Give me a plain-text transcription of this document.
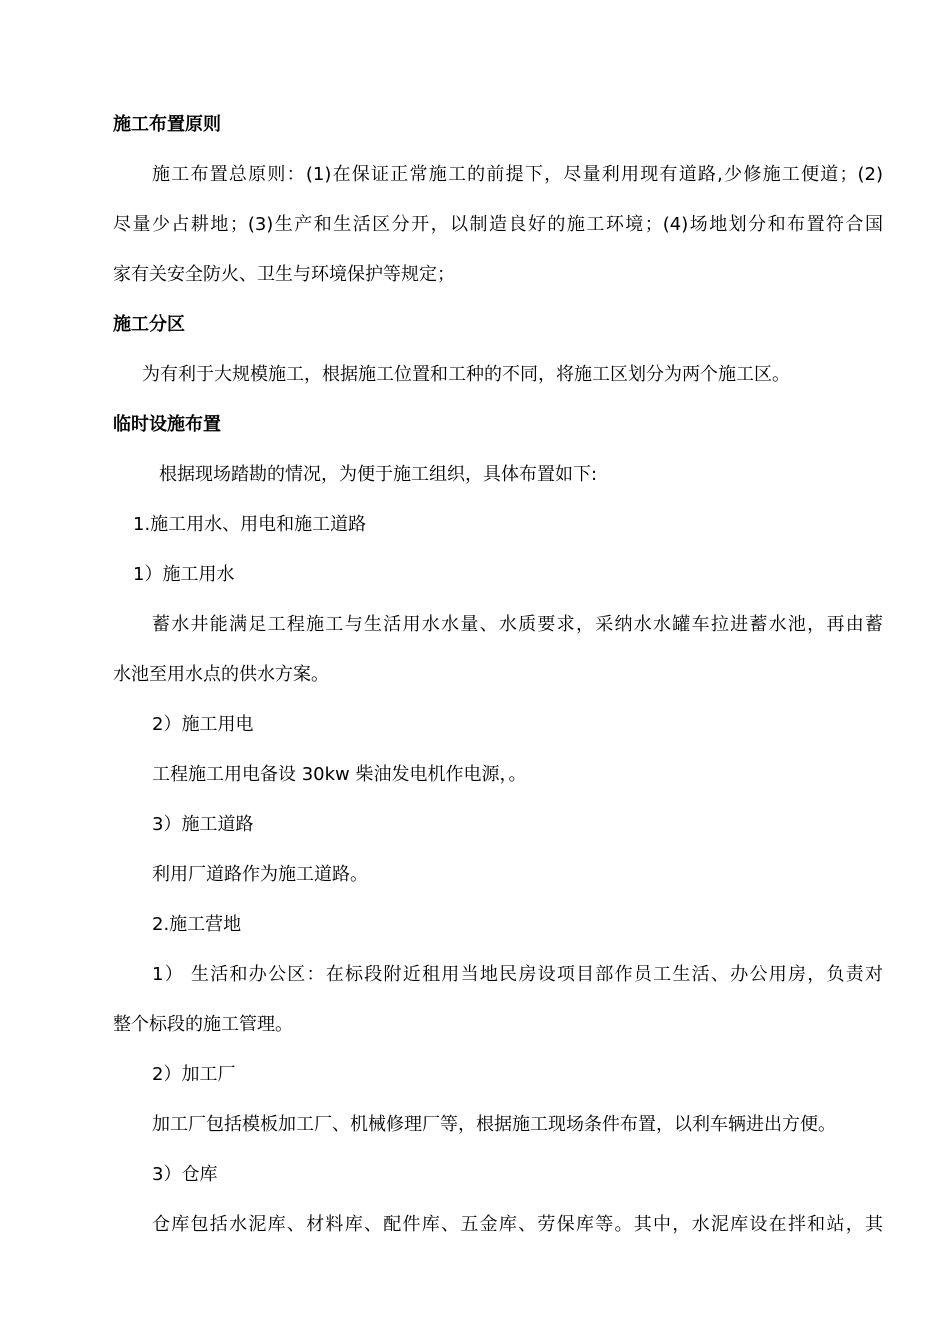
施工布置原则
施工布置总原则：(1)在保证正常施工的前提下，尽量利用现有道路,少修施工便道；(2)
尽量少占耕地；(3)生产和生活区分开，以制造良好的施工环境；(4)场地划分和布置符合国
家有关安全防火、卫生与环境保护等规定；
施工分区
为有利于大规模施工，根据施工位置和工种的不同，将施工区划分为两个施工区。
临时设施布置
根据现场踏勘的情况，为便于施工组织，具体布置如下:
1.施工用水、用电和施工道路
1）施工用水
蓄水井能满足工程施工与生活用水水量、水质要求，采纳水水罐车拉进蓄水池，再由蓄
水池至用水点的供水方案。
2）施工用电
工程施工用电备设 30kw 柴油发电机作电源，。
3）施工道路
利用厂道路作为施工道路。
2.施工营地
1） 生活和办公区：在标段附近租用当地民房设项目部作员工生活、办公用房，负责对
整个标段的施工管理。
2）加工厂
加工厂包括模板加工厂、机械修理厂等，根据施工现场条件布置，以利车辆进出方便。
3）仓库
仓库包括水泥库、材料库、配件库、五金库、劳保库等。其中，水泥库设在拌和站，其
